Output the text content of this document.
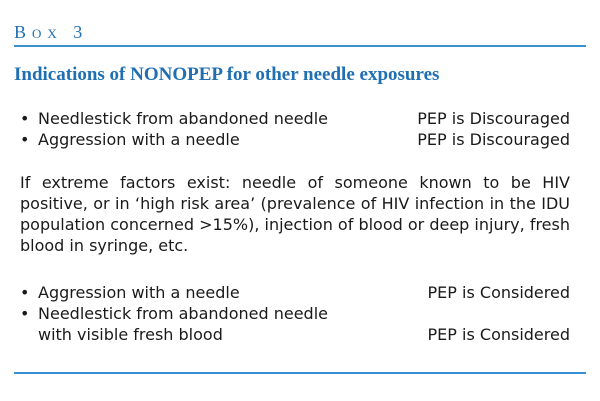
Box 3
Indications of NONOPEP for other needle exposures
• Needlestick from abandoned needle	PEP is Discouraged
• Aggression with a needle	PEP is Discouraged
If extreme factors exist: needle of someone known to be HIV positive, or in ‘high risk area’ (prevalence of HIV infection in the IDU population concerned >15%), injection of blood or deep injury, fresh blood in syringe, etc.
• Aggression with a needle	PEP is Considered
• Needlestick from abandoned needle
with visible fresh blood	PEP is Considered
